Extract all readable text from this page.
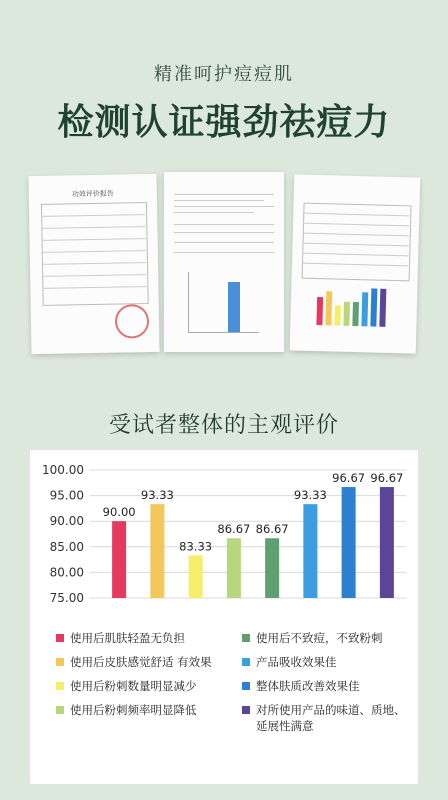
精准呵护痘痘肌
检测认证强劲祛痘力
功效评价报告
受试者整体的主观评价
75.00
80.00
85.00
90.00
95.00
100.00
90.00
93.33
83.33
86.67 86.67
93.33
96.67 96.67
使用后肌肤轻盈无负担
使用后皮肤感觉舒适 有效果
使用后粉刺数量明显减少
使用后粉刺频率明显降低
使用后不致痘，不致粉刺
产品吸收效果佳
整体肤质改善效果佳
对所使用产品的味道、质地、延展性满意
